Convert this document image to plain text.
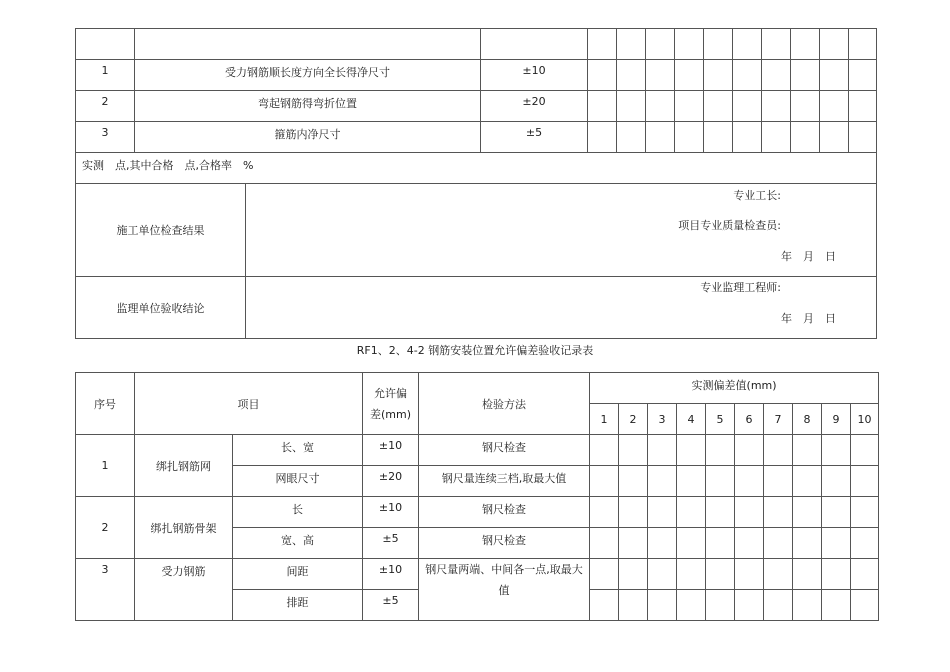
1	受力钢筋顺长度方向全长得净尺寸		±10										
2	弯起钢筋得弯折位置		±20										
3	箍筋内净尺寸		±5										
实测　点,其中合格　点,合格率　%													
施工单位检查结果		专业工长:
项目专业质量检查员:
年　月　日											

监理单位验收结论		专业监理工程师:
年　月　日											
RF1、2、4-2 钢筋安装位置允许偏差验收记录表
序号	项目		允许偏
差(mm)	检验方法	实测偏差值(mm)									
					1	2	3	4	5	6	7	8	9	10
1	绑扎钢筋网	长、宽	±10	钢尺检查										
		网眼尺寸	±20	钢尺量连续三档,取最大值										
2	绑扎钢筋骨架	长	±10	钢尺检查										
		宽、高	±5	钢尺检查										
3	受力钢筋	间距	±10	钢尺量两端、中间各一点,取最大值										
		排距	±5											
